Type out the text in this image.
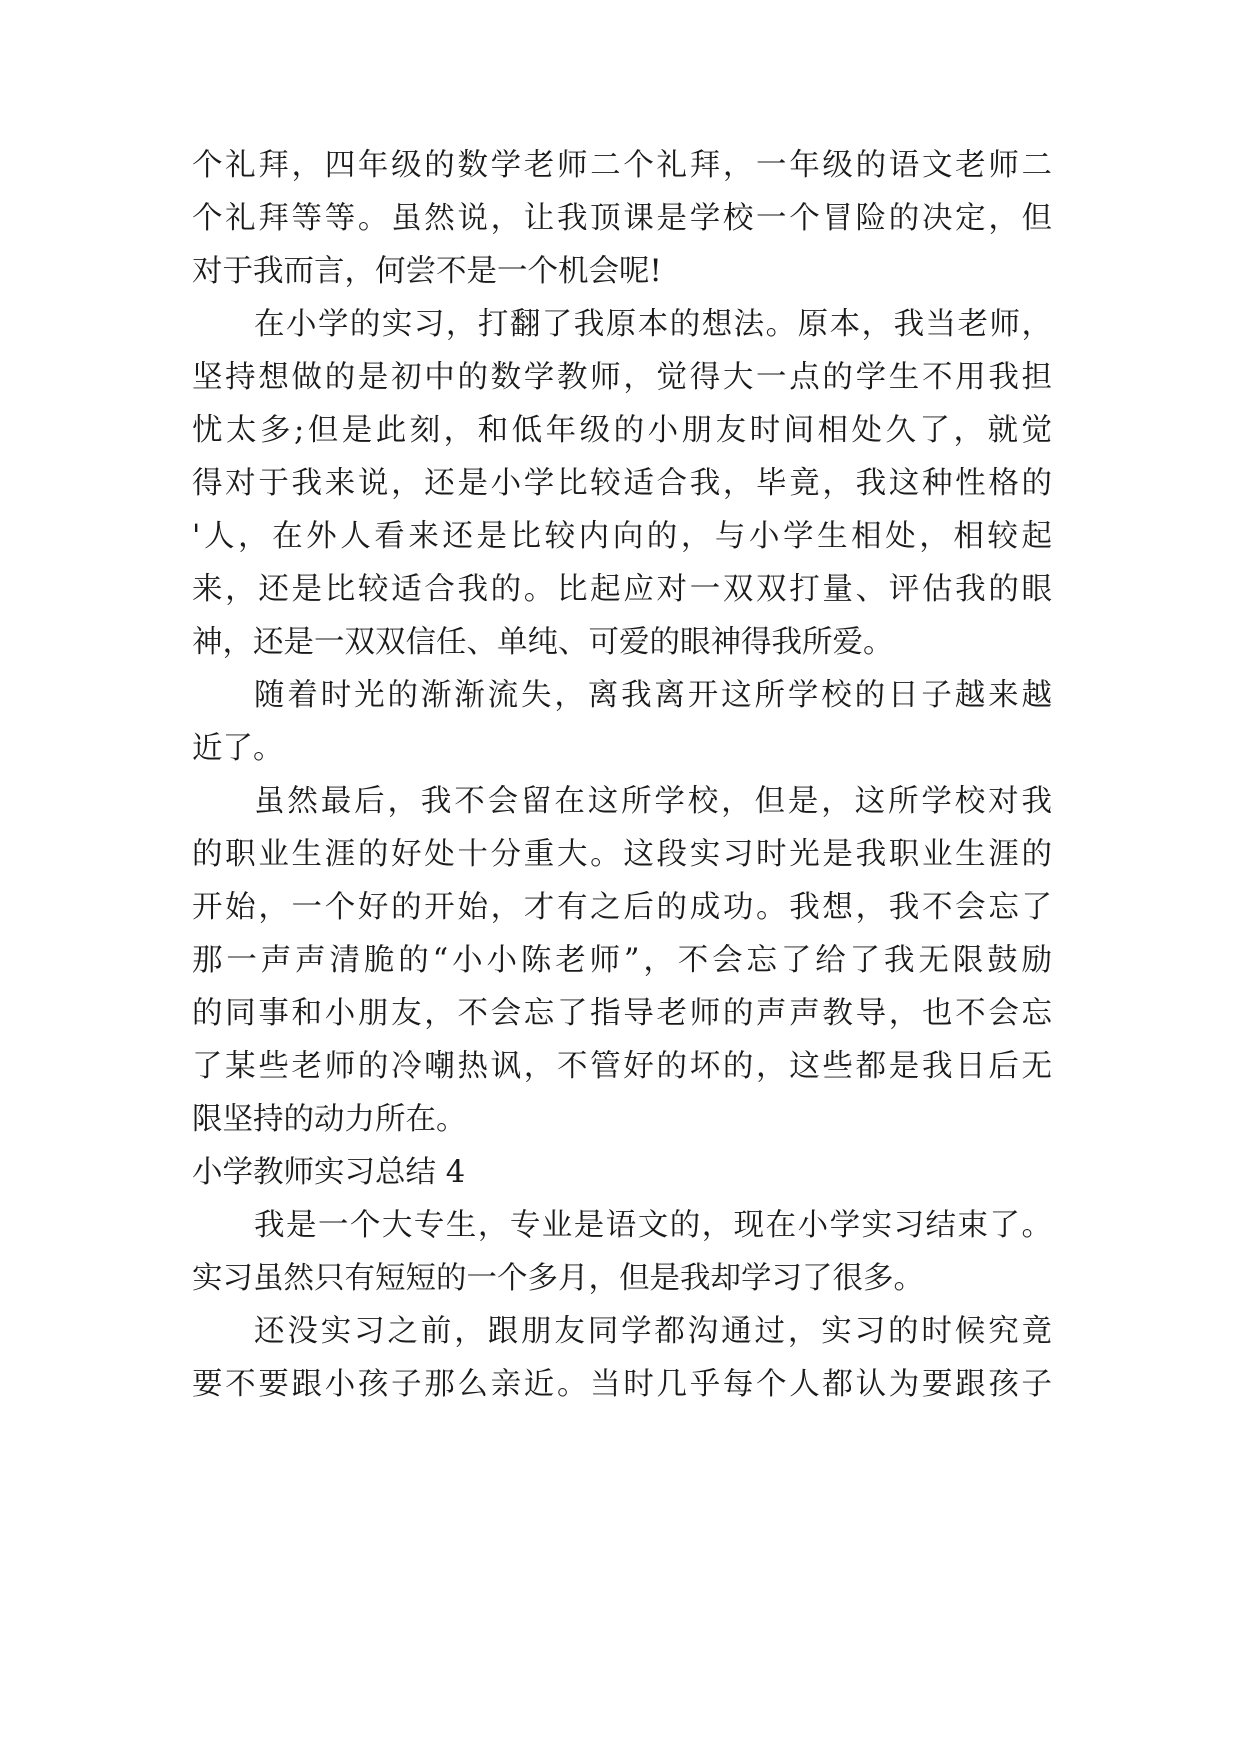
个礼拜，四年级的数学老师二个礼拜，一年级的语文老师二
个礼拜等等。虽然说，让我顶课是学校一个冒险的决定，但
对于我而言，何尝不是一个机会呢!
在小学的实习，打翻了我原本的想法。原本，我当老师，
坚持想做的是初中的数学教师，觉得大一点的学生不用我担
忧太多;但是此刻，和低年级的小朋友时间相处久了，就觉
得对于我来说，还是小学比较适合我，毕竟，我这种性格的
'人，在外人看来还是比较内向的，与小学生相处，相较起
来，还是比较适合我的。比起应对一双双打量、评估我的眼
神，还是一双双信任、单纯、可爱的眼神得我所爱。
随着时光的渐渐流失，离我离开这所学校的日子越来越
近了。
虽然最后，我不会留在这所学校，但是，这所学校对我
的职业生涯的好处十分重大。这段实习时光是我职业生涯的
开始，一个好的开始，才有之后的成功。我想，我不会忘了
那一声声清脆的“小小陈老师”，不会忘了给了我无限鼓励
的同事和小朋友，不会忘了指导老师的声声教导，也不会忘
了某些老师的冷嘲热讽，不管好的坏的，这些都是我日后无
限坚持的动力所在。
小学教师实习总结 4
我是一个大专生，专业是语文的，现在小学实习结束了。
实习虽然只有短短的一个多月，但是我却学习了很多。
还没实习之前，跟朋友同学都沟通过，实习的时候究竟
要不要跟小孩子那么亲近。当时几乎每个人都认为要跟孩子
